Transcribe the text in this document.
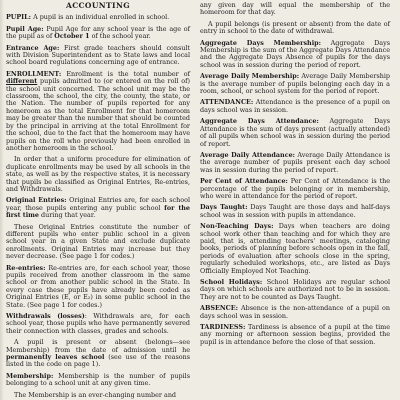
ACCOUNTING

PUPIL: A pupil is an individual enrolled in school.

Pupil Age: Pupil Age for any school year is the age of the pupil as of October 1 of the school year.

Entrance Age: First grade teachers should consult with Division Superintendent as to State laws and local school board regulations concerning age of entrance.

ENROLLMENT: Enrollment is the total number of different pupils admitted to (or entered on the roll of) the school unit concerned. The school unit may be the classroom, the school, the city, the county, the state, or the Nation. The number of pupils reported for any homeroom as the total Enrollment for that homeroom may be greater than the number that should be counted by the principal in arriving at the total Enrollment for the school, due to the fact that the homeroom may have pupils on the roll who previously had been enrolled in another homeroom in the school.

In order that a uniform procedure for elimination of duplicate enrollments may be used by all schools in the state, as well as by the respective states, it is necessary that pupils be classified as Original Entries, Re-entries, and Withdrawals.

Original Entries: Original Entries are, for each school year, those pupils entering any public school for the first time during that year.

These Original Entries constitute the number of different pupils who enter public school in a given school year in a given State and exclude duplicate enrollments. Original Entries may increase but they never decrease. (See page 1 for codes.)

Re-entries: Re-entries are, for each school year, those pupils received from another classroom in the same school or from another public school in the State. In every case these pupils have already been coded as Original Entries (E, or E₂) in some public school in the State. (See page 1 for codes.)

Withdrawals (losses): Withdrawals are, for each school year, those pupils who have permanently severed their connection with classes, grades and schools.

A pupil is present or absent (belongs—see Membership) from the date of admission until he permanently leaves school (see use of the reasons listed in the code on page 1).

Membership: Membership is the number of pupils belonging to a school unit at any given time.

The Membership is an ever-changing number and

any given day will equal the membership of the homeroom for that day.

A pupil belongs (is present or absent) from the date of entry in school to the date of withdrawal.

Aggregate Days Membership: Aggregate Days Membership is the sum of the Aggregate Days Attendance and the Aggregate Days Absence of pupils for the days school was in session during the period of report.

Average Daily Membership: Average Daily Membership is the average number of pupils belonging each day in a room, school, or school system for the period of report.

ATTENDANCE: Attendance is the presence of a pupil on days school was in session.

Aggregate Days Attendance: Aggregate Days Attendance is the sum of days present (actually attended) of all pupils when school was in session during the period of report.

Average Daily Attendance: Average Daily Attendance is the average number of pupils present each day school was in session during the period of report.

Per Cent of Attendance: Per Cent of Attendance is the percentage of the pupils belonging or in membership, who were in attendance for the period of report.

Days Taught: Days Taught are those days and half-days school was in session with pupils in attendance.

Non-Teaching Days: Days when teachers are doing school work other than teaching and for which they are paid, that is, attending teachers' meetings, cataloging books, periods of planning before schools open in the fall, periods of evaluation after schools close in the spring, regularly scheduled workshops, etc., are listed as Days Officially Employed Not Teaching.

School Holidays: School Holidays are regular school days on which schools are authorized not to be in session. They are not to be counted as Days Taught.

ABSENCE: Absence is the non-attendance of a pupil on days school was in session.

TARDINESS: Tardiness is absence of a pupil at the time any morning or afternoon session begins, provided the pupil is in attendance before the close of that session.
